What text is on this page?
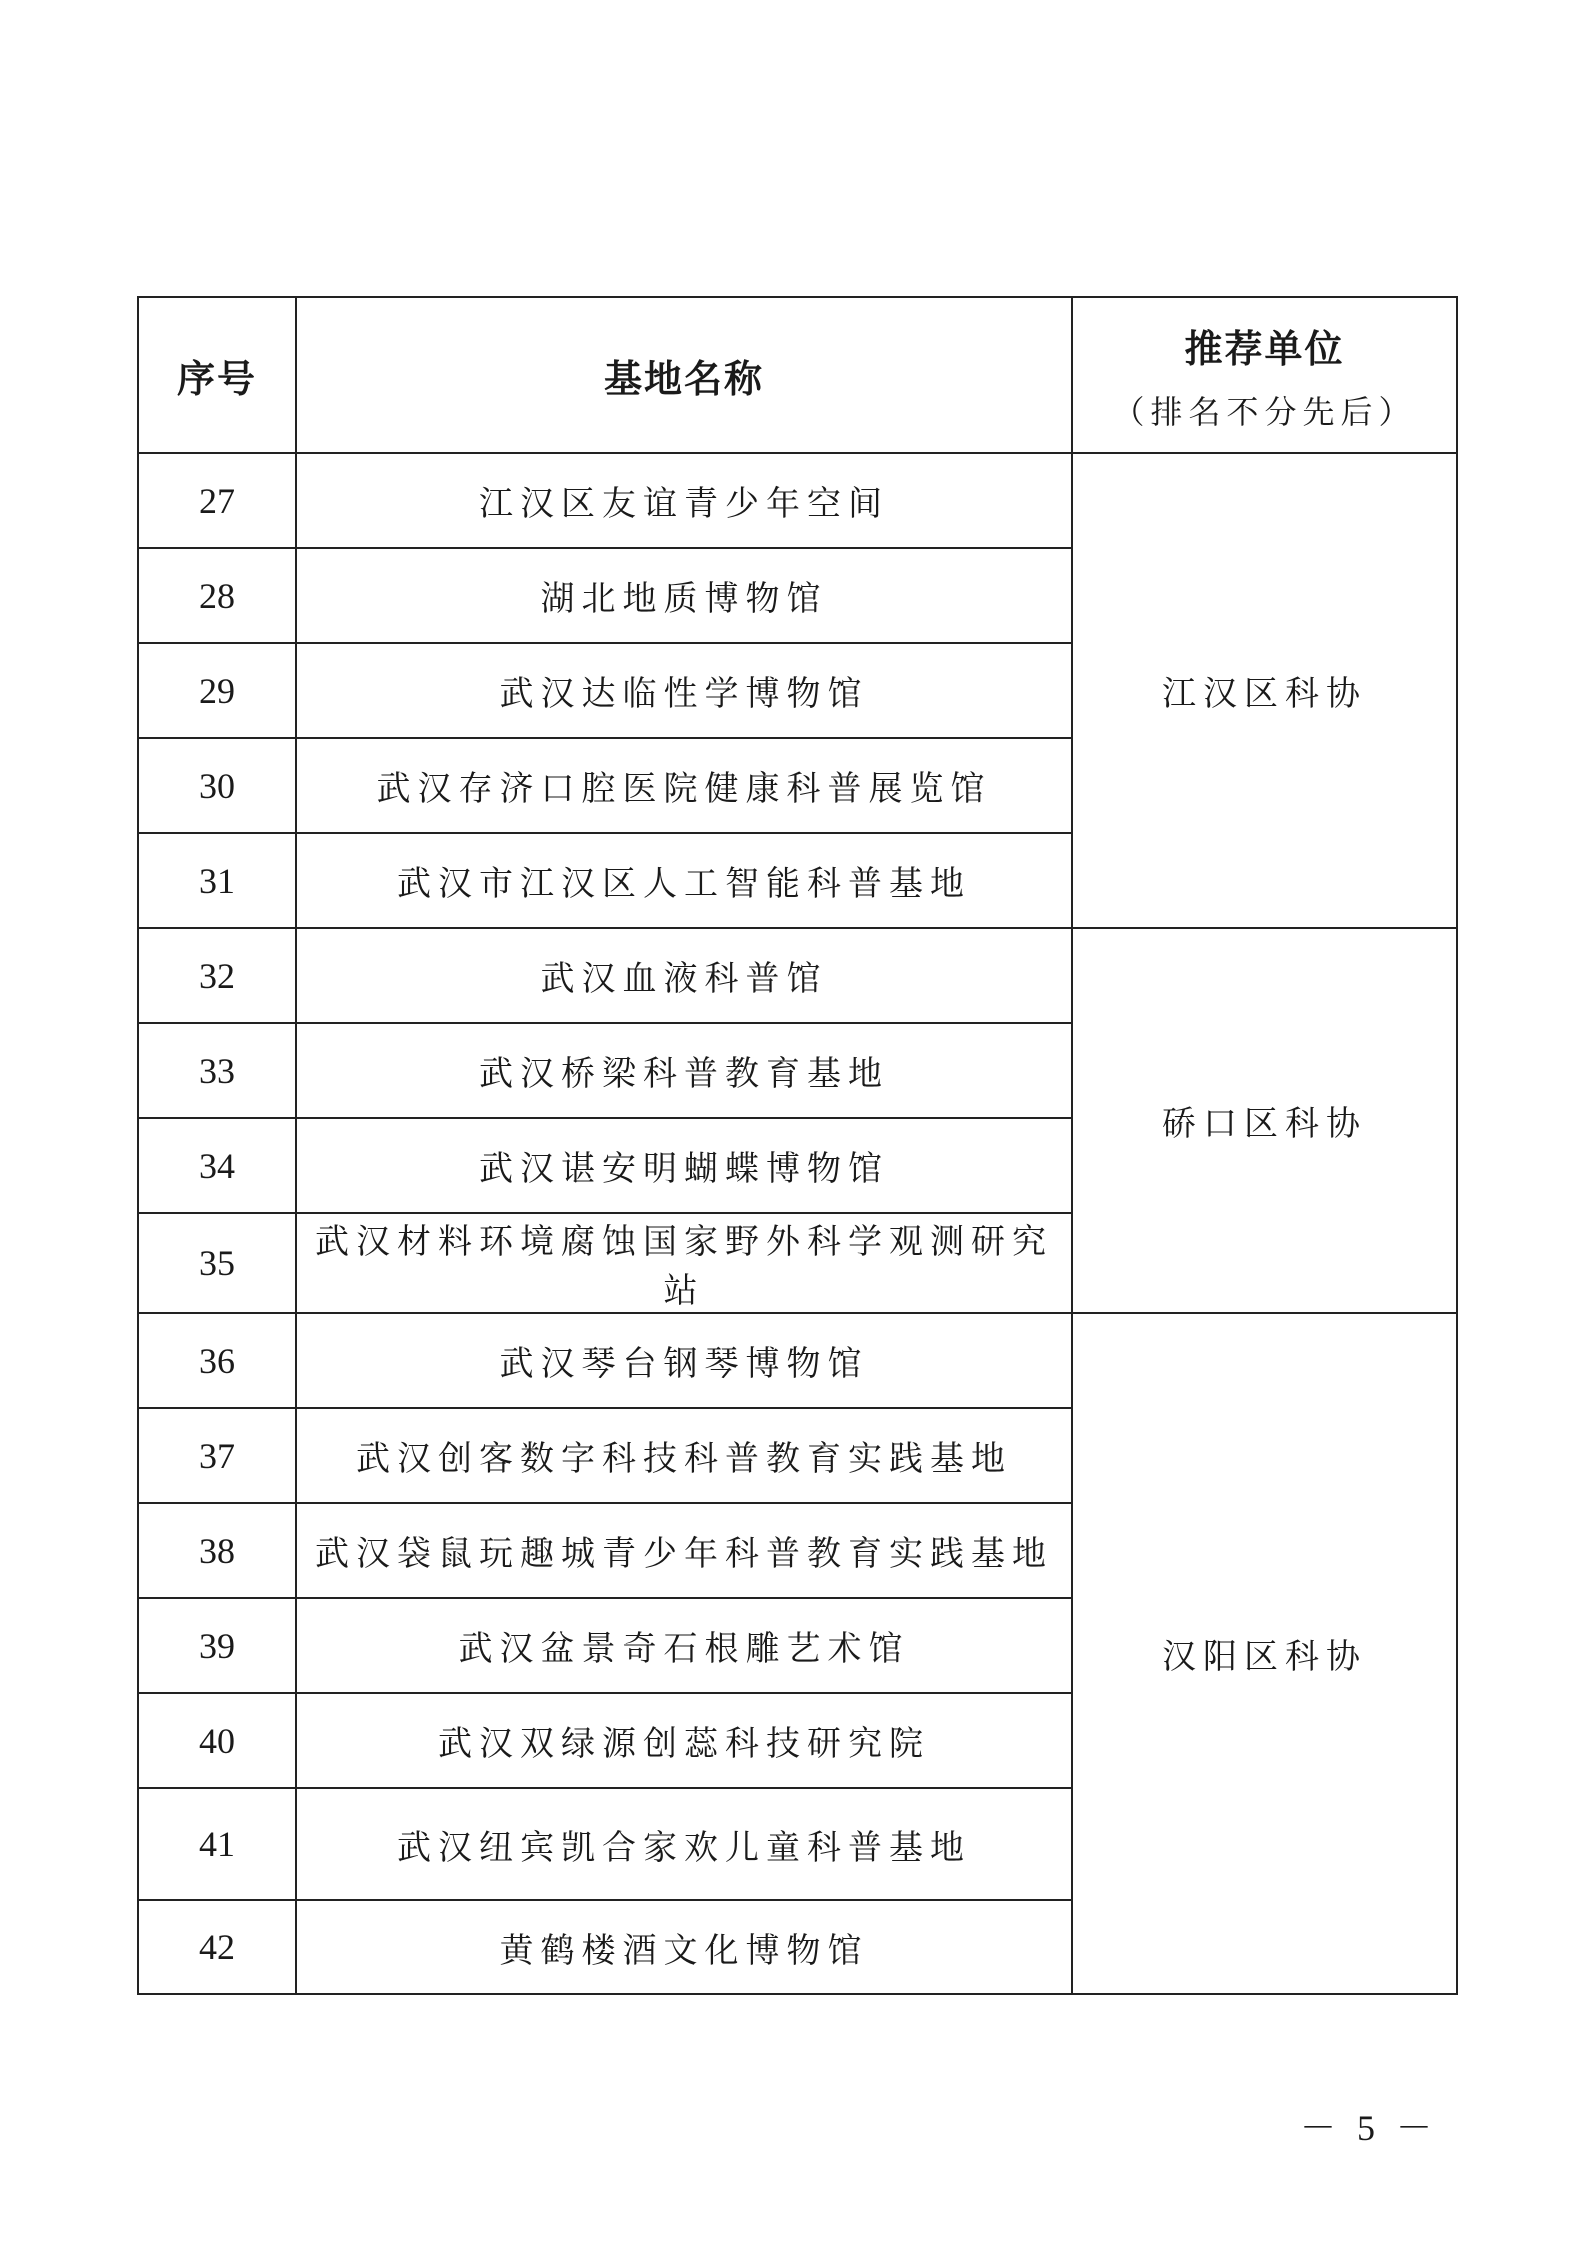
序号	基地名称	推荐单位
（排名不分先后）

27	江汉区友谊青少年空间	江汉区科协
28	湖北地质博物馆	
29	武汉达临性学博物馆	
30	武汉存济口腔医院健康科普展览馆	
31	武汉市江汉区人工智能科普基地	
32	武汉血液科普馆	硚口区科协
33	武汉桥梁科普教育基地	
34	武汉谌安明蝴蝶博物馆	
35	武汉材料环境腐蚀国家野外科学观测研究站	
36	武汉琴台钢琴博物馆	汉阳区科协
37	武汉创客数字科技科普教育实践基地	
38	武汉袋鼠玩趣城青少年科普教育实践基地	
39	武汉盆景奇石根雕艺术馆	
40	武汉双绿源创蕊科技研究院	
41	武汉纽宾凯合家欢儿童科普基地	
42	黄鹤楼酒文化博物馆	
－ 5 －
